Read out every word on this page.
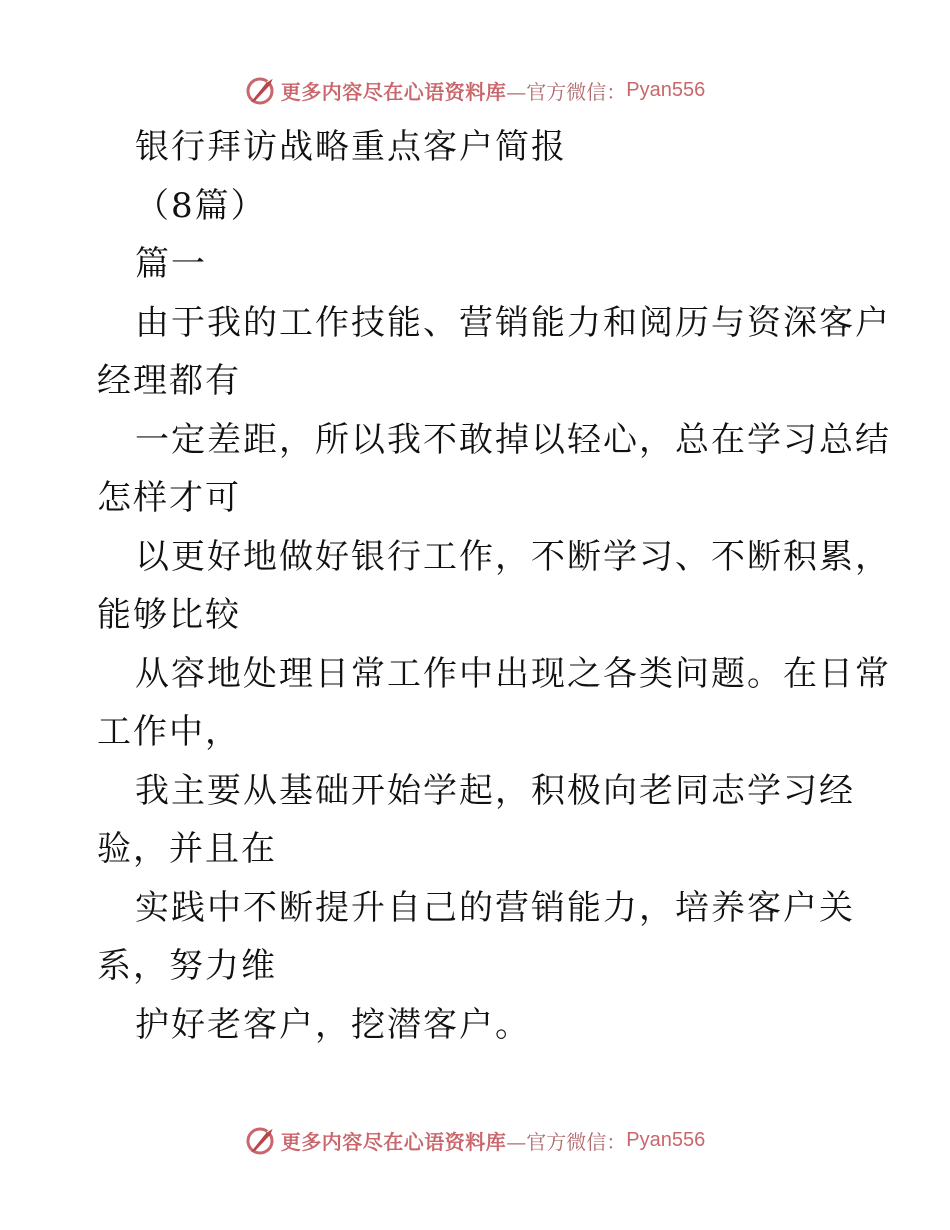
更多内容尽在心语资料库 —官方微信： Pyan556
银行拜访战略重点客户简报
（8篇）
篇一
由于我的工作技能、营销能力和阅历与资深客户
经理都有
一定差距，所以我不敢掉以轻心，总在学习总结
怎样才可
以更好地做好银行工作，不断学习、不断积累，
能够比较
从容地处理日常工作中出现之各类问题。在日常
工作中，
我主要从基础开始学起，积极向老同志学习经
验，并且在
实践中不断提升自己的营销能力，培养客户关
系，努力维
护好老客户，挖潜客户。
更多内容尽在心语资料库 —官方微信： Pyan556
